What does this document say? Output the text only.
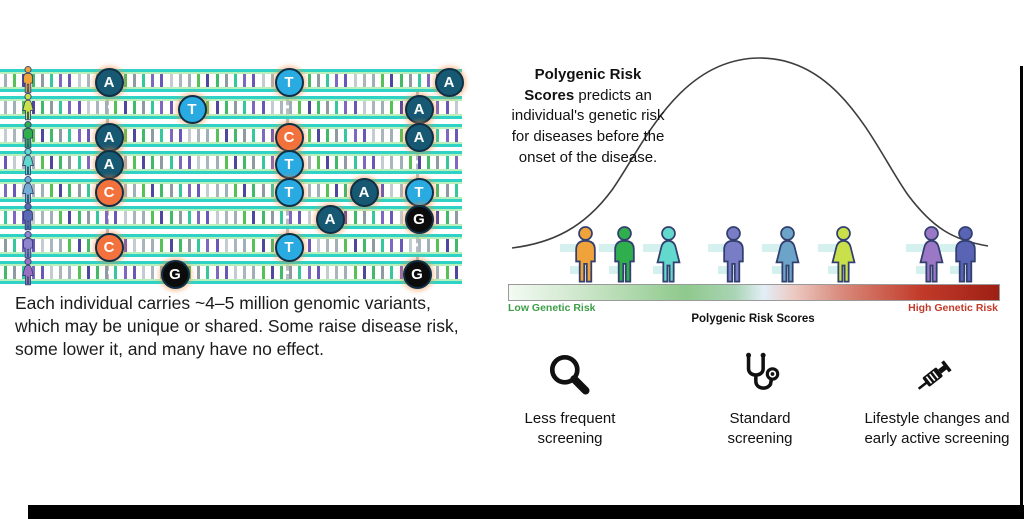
A	T	A
T	A
A	C	A
A	T
C	T	A	T
A	G
C	T
G	G
Each individual carries ~4–5 million genomic variants, which may be unique or shared. Some raise disease risk, some lower it, and many have no effect.
Polygenic Risk Scores predicts an individual's genetic risk for diseases before the onset of the disease.
Low Genetic Risk	High Genetic Risk
Polygenic Risk Scores
Less frequent screening
Standard screening
Lifestyle changes and early active screening
